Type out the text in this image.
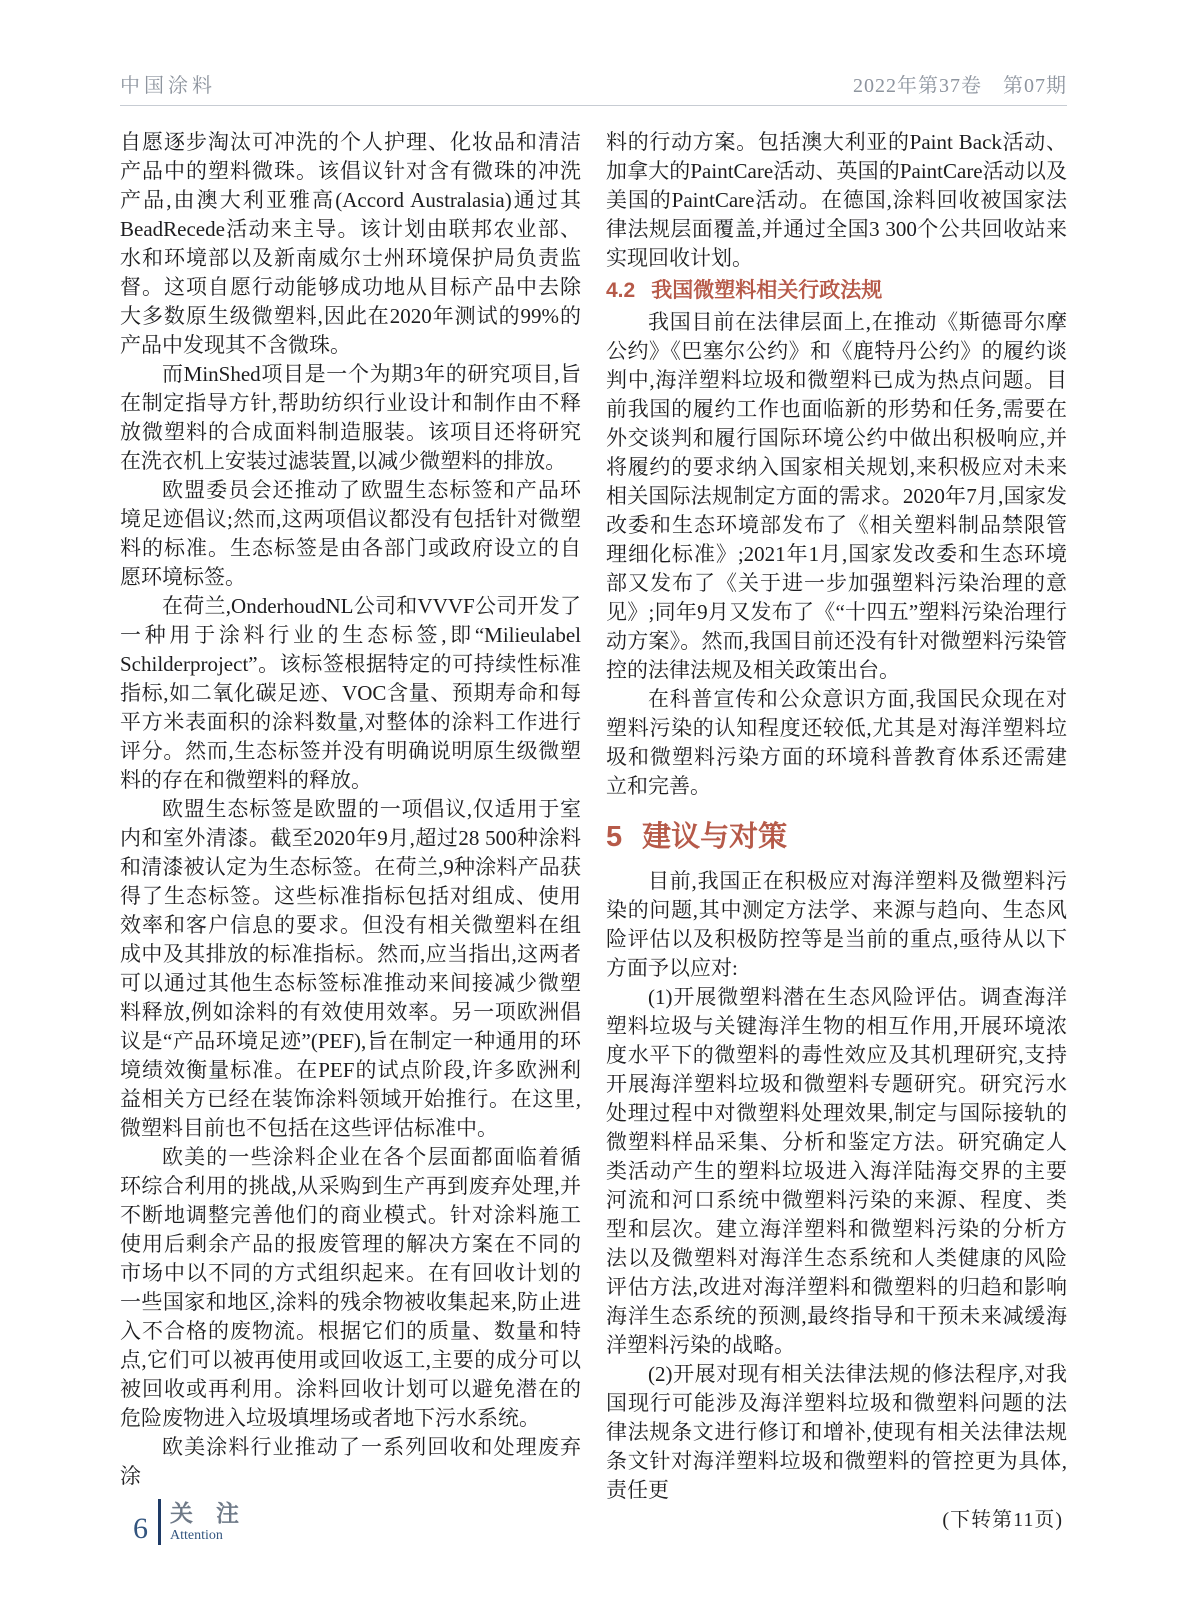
中国涂料	2022年第37卷　第07期

自愿逐步淘汰可冲洗的个人护理、化妆品和清洁产品中的塑料微珠。该倡议针对含有微珠的冲洗产品,由澳大利亚雅高(Accord Australasia)通过其BeadRecede活动来主导。该计划由联邦农业部、水和环境部以及新南威尔士州环境保护局负责监督。这项自愿行动能够成功地从目标产品中去除大多数原生级微塑料,因此在2020年测试的99%的产品中发现其不含微珠。

而MinShed项目是一个为期3年的研究项目,旨在制定指导方针,帮助纺织行业设计和制作由不释放微塑料的合成面料制造服装。该项目还将研究在洗衣机上安装过滤装置,以减少微塑料的排放。

欧盟委员会还推动了欧盟生态标签和产品环境足迹倡议;然而,这两项倡议都没有包括针对微塑料的标准。生态标签是由各部门或政府设立的自愿环境标签。

在荷兰,OnderhoudNL公司和VVVF公司开发了一种用于涂料行业的生态标签,即“Milieulabel Schilderproject”。该标签根据特定的可持续性标准指标,如二氧化碳足迹、VOC含量、预期寿命和每平方米表面积的涂料数量,对整体的涂料工作进行评分。然而,生态标签并没有明确说明原生级微塑料的存在和微塑料的释放。

欧盟生态标签是欧盟的一项倡议,仅适用于室内和室外清漆。截至2020年9月,超过28 500种涂料和清漆被认定为生态标签。在荷兰,9种涂料产品获得了生态标签。这些标准指标包括对组成、使用效率和客户信息的要求。但没有相关微塑料在组成中及其排放的标准指标。然而,应当指出,这两者可以通过其他生态标签标准推动来间接减少微塑料释放,例如涂料的有效使用效率。另一项欧洲倡议是“产品环境足迹”(PEF),旨在制定一种通用的环境绩效衡量标准。在PEF的试点阶段,许多欧洲利益相关方已经在装饰涂料领域开始推行。在这里,微塑料目前也不包括在这些评估标准中。

欧美的一些涂料企业在各个层面都面临着循环综合利用的挑战,从采购到生产再到废弃处理,并不断地调整完善他们的商业模式。针对涂料施工使用后剩余产品的报废管理的解决方案在不同的市场中以不同的方式组织起来。在有回收计划的一些国家和地区,涂料的残余物被收集起来,防止进入不合格的废物流。根据它们的质量、数量和特点,它们可以被再使用或回收返工,主要的成分可以被回收或再利用。涂料回收计划可以避免潜在的危险废物进入垃圾填埋场或者地下污水系统。

欧美涂料行业推动了一系列回收和处理废弃涂

料的行动方案。包括澳大利亚的Paint Back活动、加拿大的PaintCare活动、英国的PaintCare活动以及美国的PaintCare活动。在德国,涂料回收被国家法律法规层面覆盖,并通过全国3 300个公共回收站来实现回收计划。

4.2 我国微塑料相关行政法规

我国目前在法律层面上,在推动《斯德哥尔摩公约》《巴塞尔公约》和《鹿特丹公约》的履约谈判中,海洋塑料垃圾和微塑料已成为热点问题。目前我国的履约工作也面临新的形势和任务,需要在外交谈判和履行国际环境公约中做出积极响应,并将履约的要求纳入国家相关规划,来积极应对未来相关国际法规制定方面的需求。2020年7月,国家发改委和生态环境部发布了《相关塑料制品禁限管理细化标准》;2021年1月,国家发改委和生态环境部又发布了《关于进一步加强塑料污染治理的意见》;同年9月又发布了《“十四五”塑料污染治理行动方案》。然而,我国目前还没有针对微塑料污染管控的法律法规及相关政策出台。

在科普宣传和公众意识方面,我国民众现在对塑料污染的认知程度还较低,尤其是对海洋塑料垃圾和微塑料污染方面的环境科普教育体系还需建立和完善。

5 建议与对策

目前,我国正在积极应对海洋塑料及微塑料污染的问题,其中测定方法学、来源与趋向、生态风险评估以及积极防控等是当前的重点,亟待从以下方面予以应对:

(1)开展微塑料潜在生态风险评估。调查海洋塑料垃圾与关键海洋生物的相互作用,开展环境浓度水平下的微塑料的毒性效应及其机理研究,支持开展海洋塑料垃圾和微塑料专题研究。研究污水处理过程中对微塑料处理效果,制定与国际接轨的微塑料样品采集、分析和鉴定方法。研究确定人类活动产生的塑料垃圾进入海洋陆海交界的主要河流和河口系统中微塑料污染的来源、程度、类型和层次。建立海洋塑料和微塑料污染的分析方法以及微塑料对海洋生态系统和人类健康的风险评估方法,改进对海洋塑料和微塑料的归趋和影响海洋生态系统的预测,最终指导和干预未来减缓海洋塑料污染的战略。

(2)开展对现有相关法律法规的修法程序,对我国现行可能涉及海洋塑料垃圾和微塑料问题的法律法规条文进行修订和增补,使现有相关法律法规条文针对海洋塑料垃圾和微塑料的管控更为具体,责任更

(下转第11页)

6 关　注
Attention
